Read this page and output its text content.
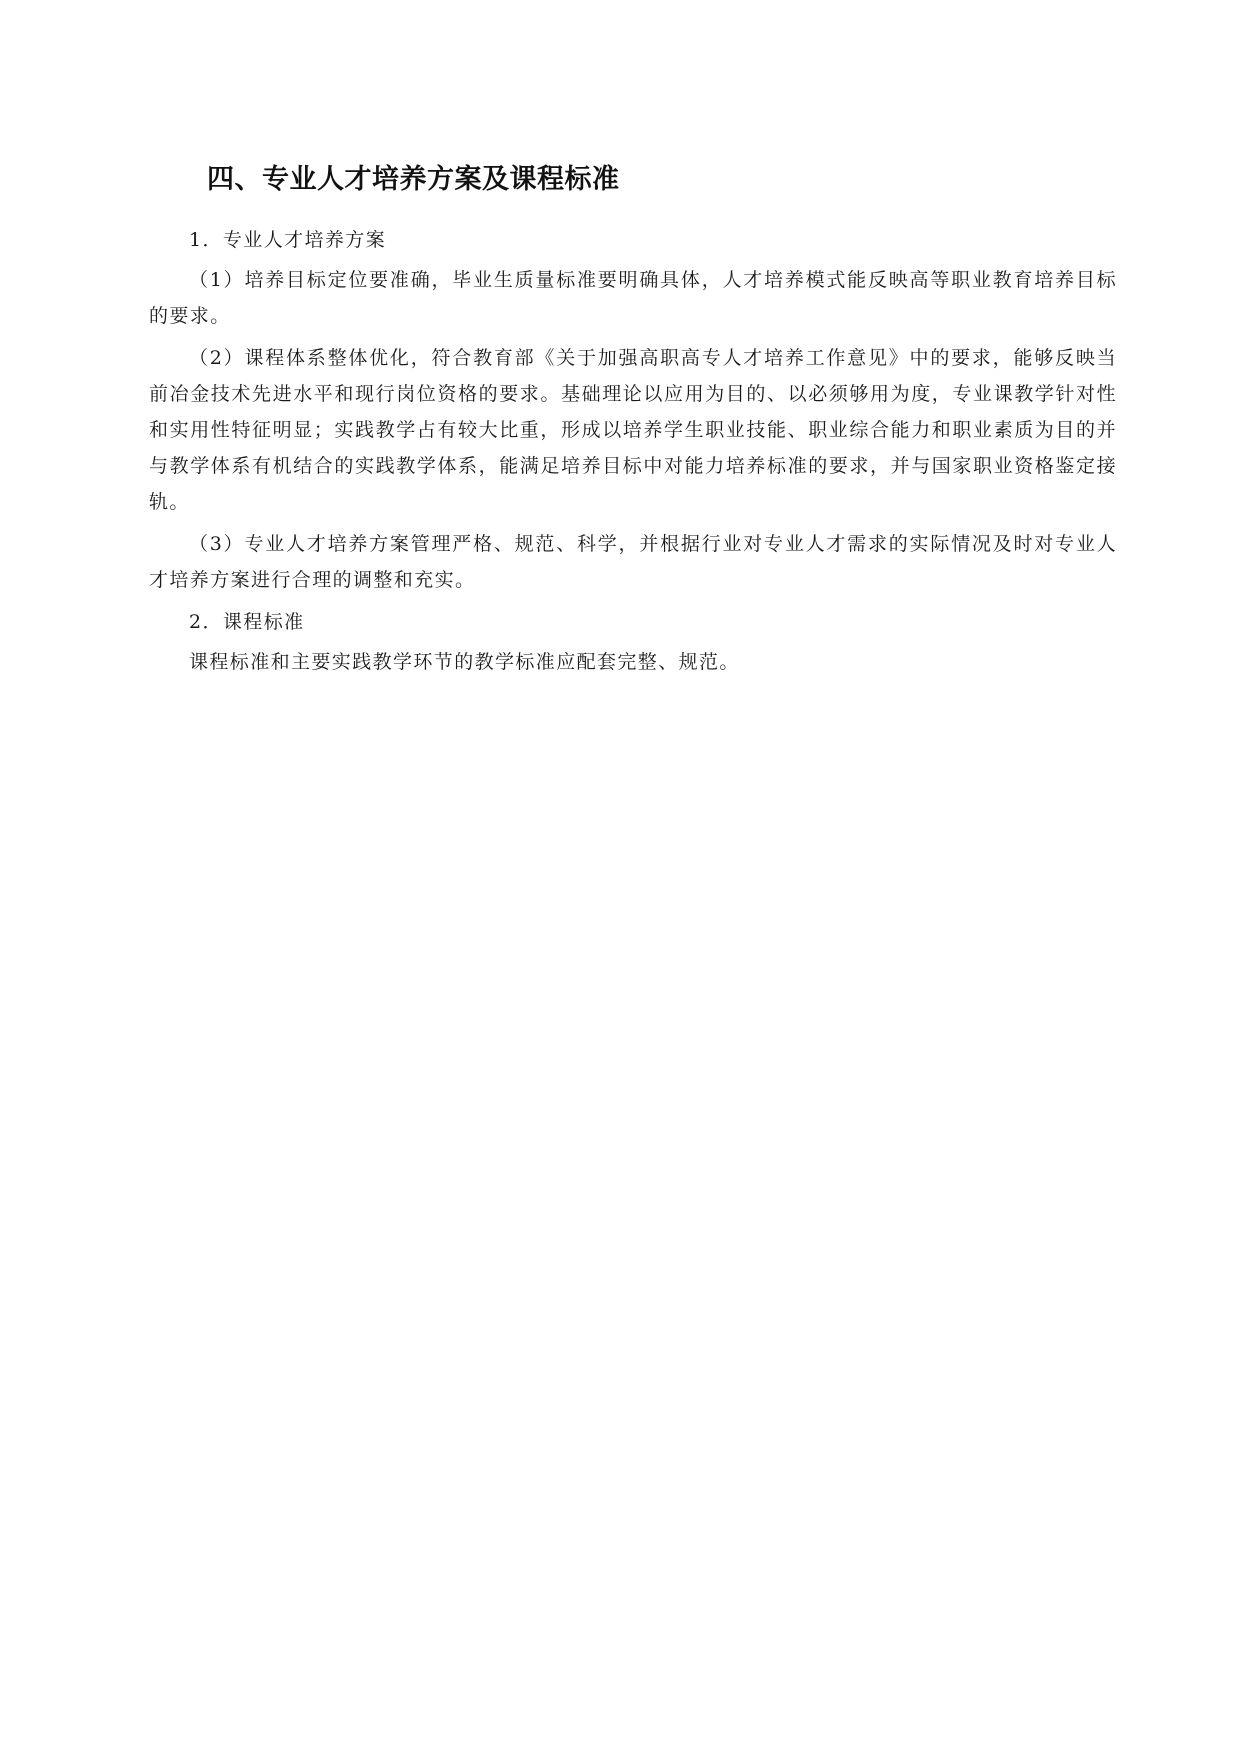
四、专业人才培养方案及课程标准

1．专业人才培养方案

（1）培养目标定位要准确，毕业生质量标准要明确具体，人才培养模式能反映高等职业教育培养目标的要求。

（2）课程体系整体优化，符合教育部《关于加强高职高专人才培养工作意见》中的要求，能够反映当前冶金技术先进水平和现行岗位资格的要求。基础理论以应用为目的、以必须够用为度，专业课教学针对性和实用性特征明显；实践教学占有较大比重，形成以培养学生职业技能、职业综合能力和职业素质为目的并与教学体系有机结合的实践教学体系，能满足培养目标中对能力培养标准的要求，并与国家职业资格鉴定接轨。

（3）专业人才培养方案管理严格、规范、科学，并根据行业对专业人才需求的实际情况及时对专业人才培养方案进行合理的调整和充实。

2．课程标准

课程标准和主要实践教学环节的教学标准应配套完整、规范。
